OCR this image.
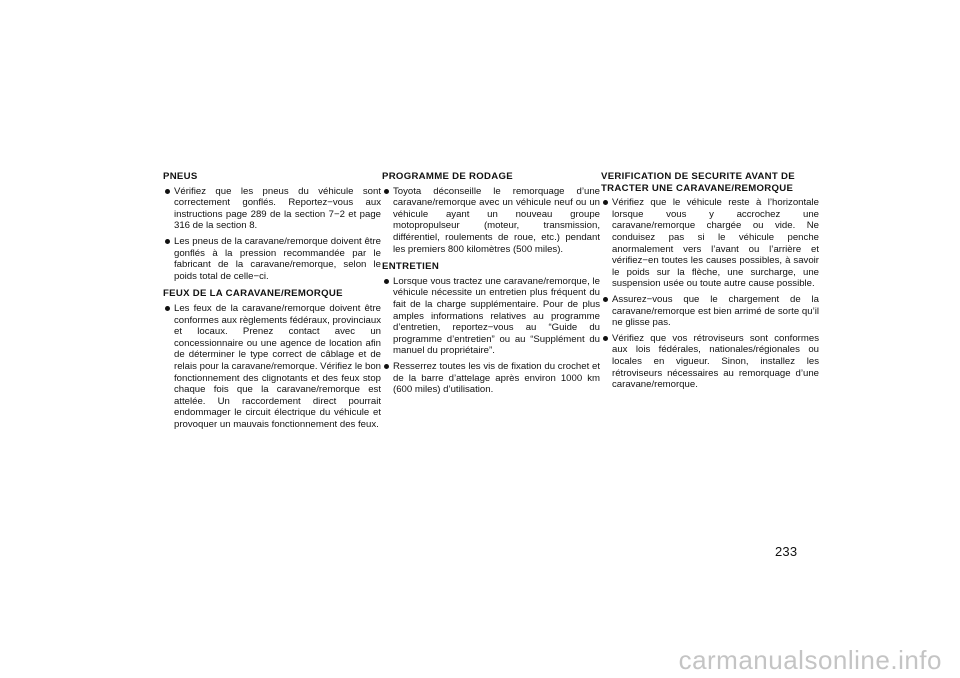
PNEUS
Vérifiez que les pneus du véhicule sont correctement gonflés. Reportez−vous aux instructions page 289 de la section 7−2 et page 316 de la section 8.
Les pneus de la caravane/remorque doivent être gonflés à la pression recommandée par le fabricant de la caravane/remorque, selon le poids total de celle−ci.
FEUX DE LA CARAVANE/REMORQUE
Les feux de la caravane/remorque doivent être conformes aux règlements fédéraux, provinciaux et locaux. Prenez contact avec un concessionnaire ou une agence de location afin de déterminer le type correct de câblage et de relais pour la caravane/remorque. Vérifiez le bon fonctionnement des clignotants et des feux stop chaque fois que la caravane/remorque est attelée. Un raccordement direct pourrait endommager le circuit électrique du véhicule et provoquer un mauvais fonctionnement des feux.
PROGRAMME DE RODAGE
Toyota déconseille le remorquage d’une caravane/remorque avec un véhicule neuf ou un véhicule ayant un nouveau groupe motopropulseur (moteur, transmission, différentiel, roulements de roue, etc.) pendant les premiers 800 kilomètres (500 miles).
ENTRETIEN
Lorsque vous tractez une caravane/remorque, le véhicule nécessite un entretien plus fréquent du fait de la charge supplémentaire. Pour de plus amples informations relatives au programme d’entretien, reportez−vous au “Guide du programme d’entretien” ou au “Supplément du manuel du propriétaire”.
Resserrez toutes les vis de fixation du crochet et de la barre d’attelage après environ 1000 km (600 miles) d’utilisation.
VERIFICATION DE SECURITE AVANT DE TRACTER UNE CARAVANE/REMORQUE
Vérifiez que le véhicule reste à l’horizontale lorsque vous y accrochez une caravane/remorque chargée ou vide. Ne conduisez pas si le véhicule penche anormalement vers l’avant ou l’arrière et vérifiez−en toutes les causes possibles, à savoir le poids sur la flèche, une surcharge, une suspension usée ou toute autre cause possible.
Assurez−vous que le chargement de la caravane/remorque est bien arrimé de sorte qu’il ne glisse pas.
Vérifiez que vos rétroviseurs sont conformes aux lois fédérales, nationales/régionales ou locales en vigueur. Sinon, installez les rétroviseurs nécessaires au remorquage d’une caravane/remorque.
233
carmanualsonline.info
